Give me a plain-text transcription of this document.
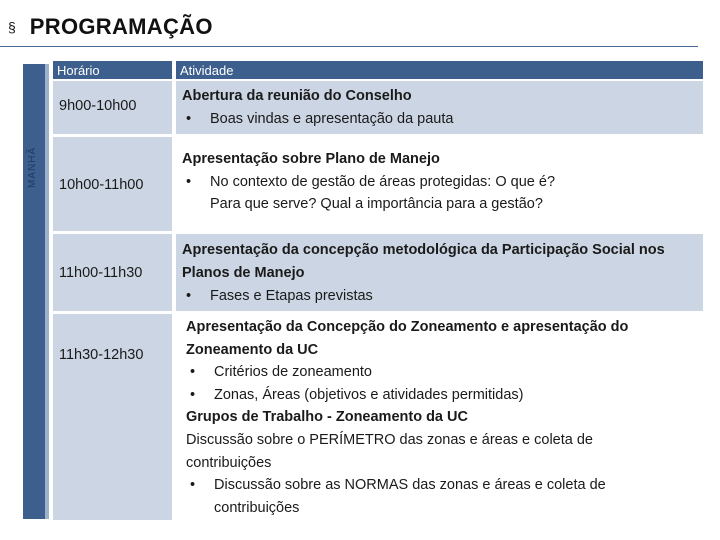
§ PROGRAMAÇÃO
MANHÃ
Horário	Atividade
9h00-10h00
Abertura da reunião do Conselho
• Boas vindas e apresentação da pauta
10h00-11h00
Apresentação sobre Plano de Manejo
• No contexto de gestão de áreas protegidas: O que é?
Para que serve? Qual a importância para a gestão?
11h00-11h30
Apresentação da concepção metodológica da Participação Social nos
Planos de Manejo
• Fases e Etapas previstas
11h30-12h30
Apresentação da Concepção do Zoneamento e apresentação do
Zoneamento da UC
• Critérios de zoneamento
• Zonas, Áreas (objetivos e atividades permitidas)
Grupos de Trabalho - Zoneamento da UC
Discussão sobre o PERÍMETRO das zonas e áreas e coleta de
contribuições
• Discussão sobre as NORMAS das zonas e áreas e coleta de
contribuições
